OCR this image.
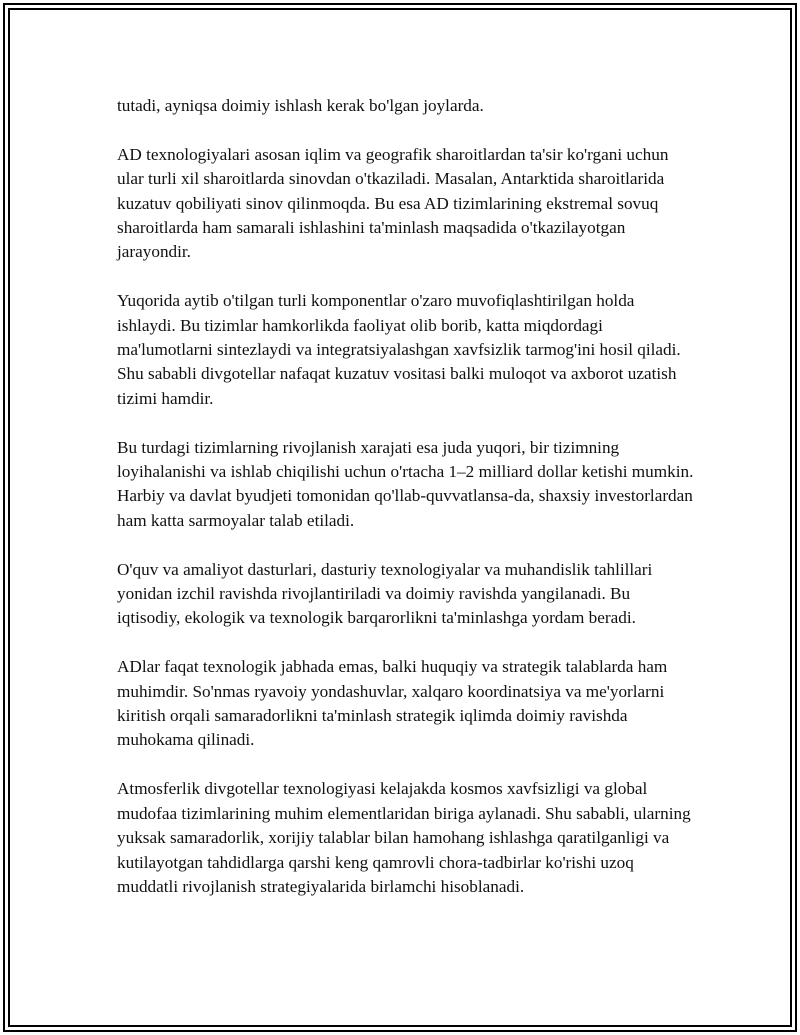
tutadi, ayniqsa doimiy ishlash kerak bo'lgan joylarda.

AD texnologiyalari asosan iqlim va geografik sharoitlardan ta'sir ko'rgani uchun ular turli xil sharoitlarda sinovdan o'tkaziladi. Masalan, Antarktida sharoitlarida kuzatuv qobiliyati sinov qilinmoqda. Bu esa AD tizimlarining ekstremal sovuq sharoitlarda ham samarali ishlashini ta'minlash maqsadida o'tkazilayotgan jarayondir.

Yuqorida aytib o'tilgan turli komponentlar o'zaro muvofiqlashtirilgan holda ishlaydi. Bu tizimlar hamkorlikda faoliyat olib borib, katta miqdordagi ma'lumotlarni sintezlaydi va integratsiyalashgan xavfsizlik tarmog'ini hosil qiladi. Shu sababli divgotellar nafaqat kuzatuv vositasi balki muloqot va axborot uzatish tizimi hamdir.

Bu turdagi tizimlarning rivojlanish xarajati esa juda yuqori, bir tizimning loyihalanishi va ishlab chiqilishi uchun o'rtacha 1–2 milliard dollar ketishi mumkin. Harbiy va davlat byudjeti tomonidan qo'llab-quvvatlansa-da, shaxsiy investorlardan ham katta sarmoyalar talab etiladi.

O'quv va amaliyot dasturlari, dasturiy texnologiyalar va muhandislik tahlillari yonidan izchil ravishda rivojlantiriladi va doimiy ravishda yangilanadi. Bu iqtisodiy, ekologik va texnologik barqarorlikni ta'minlashga yordam beradi.

ADlar faqat texnologik jabhada emas, balki huquqiy va strategik talablarda ham muhimdir. So'nmas ryavoiy yondashuvlar, xalqaro koordinatsiya va me'yorlarni kiritish orqali samaradorlikni ta'minlash strategik iqlimda doimiy ravishda muhokama qilinadi.

Atmosferlik divgotellar texnologiyasi kelajakda kosmos xavfsizligi va global mudofaa tizimlarining muhim elementlaridan biriga aylanadi. Shu sababli, ularning yuksak samaradorlik, xorijiy talablar bilan hamohang ishlashga qaratilganligi va kutilayotgan tahdidlarga qarshi keng qamrovli chora-tadbirlar ko'rishi uzoq muddatli rivojlanish strategiyalarida birlamchi hisoblanadi.
